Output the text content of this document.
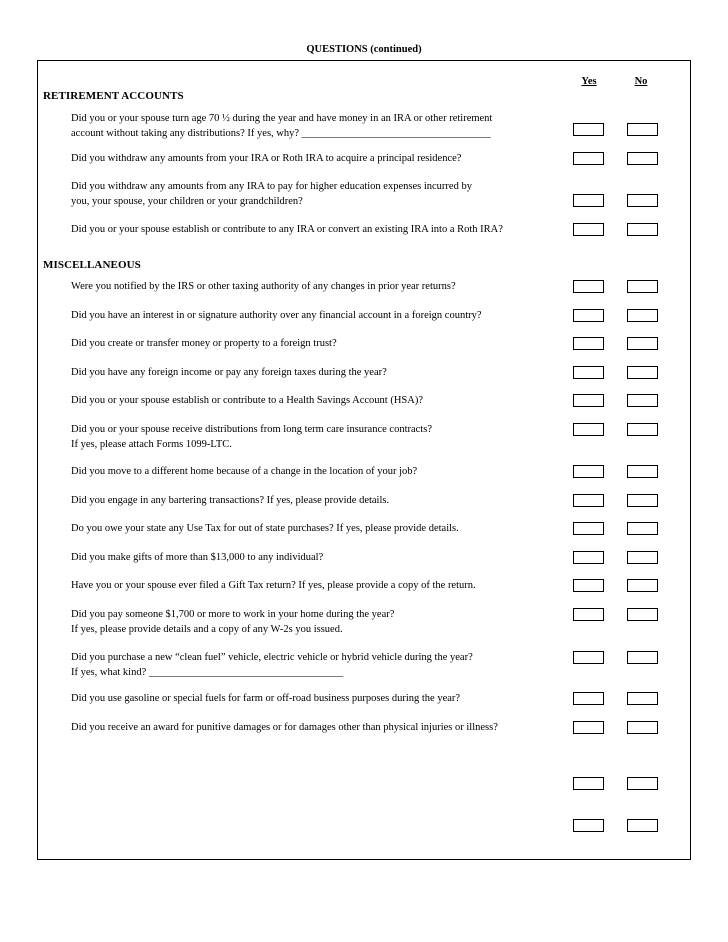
QUESTIONS (continued)
Yes	No
RETIREMENT ACCOUNTS
Did you or your spouse turn age 70 ½ during the year and have money in an IRA or other retirement
account without taking any distributions? If yes, why? ____________________________________
Did you withdraw any amounts from your IRA or Roth IRA to acquire a principal residence?
Did you withdraw any amounts from any IRA to pay for higher education expenses incurred by
you, your spouse, your children or your grandchildren?
Did you or your spouse establish or contribute to any IRA or convert an existing IRA into a Roth IRA?
MISCELLANEOUS
Were you notified by the IRS or other taxing authority of any changes in prior year returns?
Did you have an interest in or signature authority over any financial account in a foreign country?
Did you create or transfer money or property to a foreign trust?
Did you have any foreign income or pay any foreign taxes during the year?
Did you or your spouse establish or contribute to a Health Savings Account (HSA)?
Did you or your spouse receive distributions from long term care insurance contracts?
If yes, please attach Forms 1099-LTC.
Did you move to a different home because of a change in the location of your job?
Did you engage in any bartering transactions? If yes, please provide details.
Do you owe your state any Use Tax for out of state purchases? If yes, please provide details.
Did you make gifts of more than $13,000 to any individual?
Have you or your spouse ever filed a Gift Tax return? If yes, please provide a copy of the return.
Did you pay someone $1,700 or more to work in your home during the year?
If yes, please provide details and a copy of any W-2s you issued.
Did you purchase a new “clean fuel” vehicle, electric vehicle or hybrid vehicle during the year?
If yes, what kind? _____________________________________
Did you use gasoline or special fuels for farm or off-road business purposes during the year?
Did you receive an award for punitive damages or for damages other than physical injuries or illness?
